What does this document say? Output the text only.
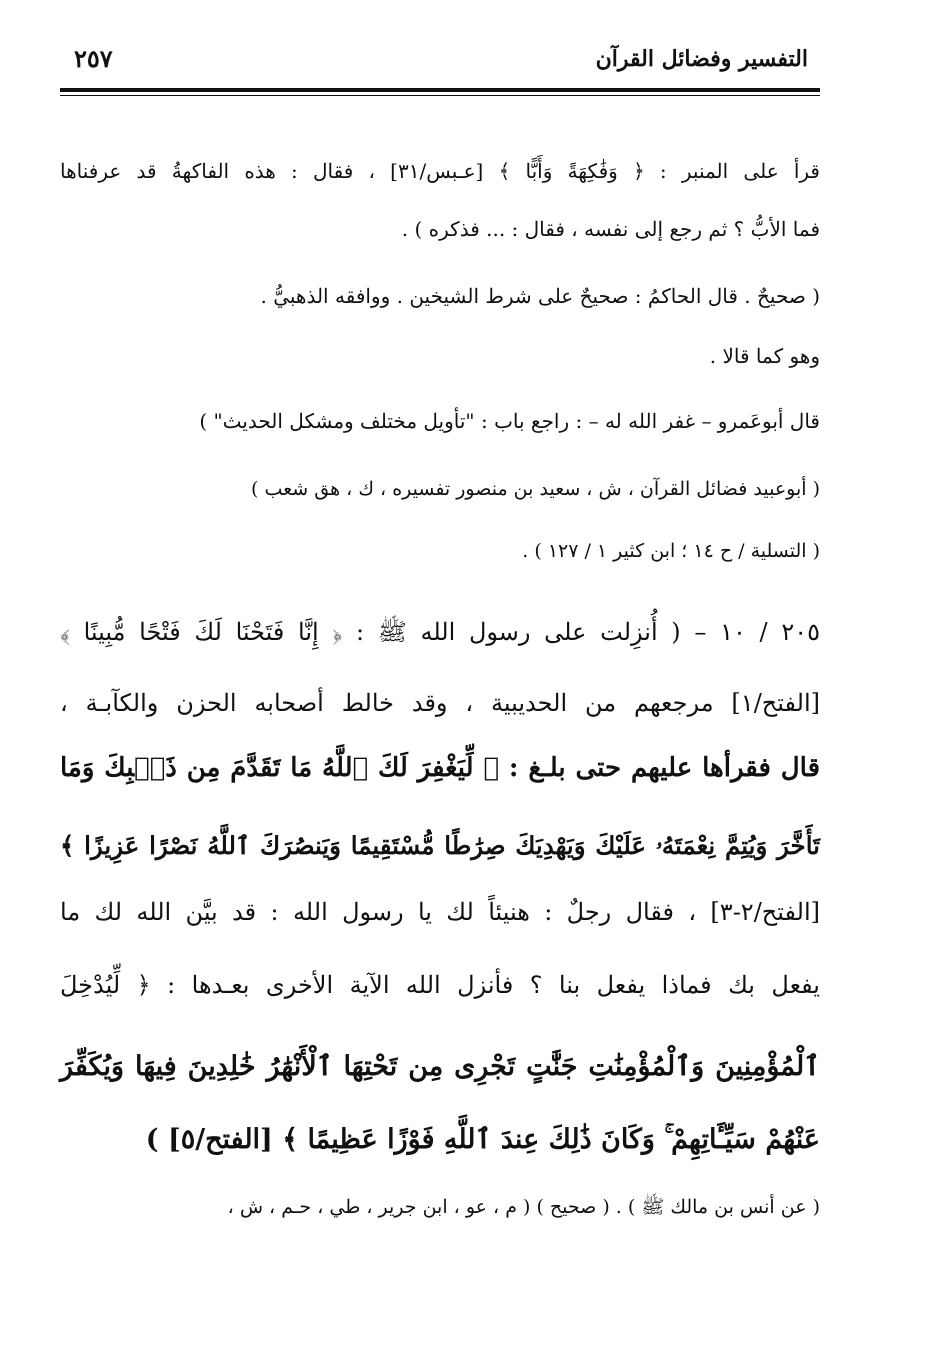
٢٥٧	التفسير وفضائل القرآن
قرأ على المنبر : ﴿ وَفَٰكِهَةً وَأَبًّا ﴾ [عـبس/٣١] ، فقال : هذه الفاكهةُ قد عرفناها
فما الأبُّ ؟ ثم رجع إلى نفسه ، فقال : ... فذكره ) .
( صحيحٌ . قال الحاكمُ : صحيحٌ على شرط الشيخين . ووافقه الذهبيُّ .
وهو كما قالا .
قال أبوعَمرو – غفر الله له – : راجع باب : "تأويل مختلف ومشكل الحديث" )
( أبوعبيد فضائل القرآن ، ش ، سعيد بن منصور تفسيره ، ك ، هق شعب )
( التسلية / ح ١٤ ؛ ابن كثير ١ / ١٢٧ ) .
٢٠٥ / ١٠ – ( أُنزِلت على رسول الله ﷺ : ﴿ إِنَّا فَتَحْنَا لَكَ فَتْحًا مُّبِينًا ﴾
[الفتح/١] مرجعهم من الحديبية ، وقد خالط أصحابه الحزن والكآبـة ،
قال فقرأها عليهم حتى بلـغ : ﴿ لِّيَغْفِرَ لَكَ ٱللَّهُ مَا تَقَدَّمَ مِن ذَنۢبِكَ وَمَا
تَأَخَّرَ وَيُتِمَّ نِعْمَتَهُۥ عَلَيْكَ وَيَهْدِيَكَ صِرَٰطًا مُّسْتَقِيمًا وَيَنصُرَكَ ٱللَّهُ نَصْرًا عَزِيزًا ﴾
[الفتح/٢-٣] ، فقال رجلٌ : هنيئاً لك يا رسول الله : قد بيَّن الله لك ما
يفعل بك فماذا يفعل بنا ؟ فأنزل الله الآية الأخرى بعـدها : ﴿ لِّيُدْخِلَ
ٱلْمُؤْمِنِينَ وَٱلْمُؤْمِنَٰتِ جَنَّٰتٍ تَجْرِى مِن تَحْتِهَا ٱلْأَنْهَٰرُ خَٰلِدِينَ فِيهَا وَيُكَفِّرَ
عَنْهُمْ سَيِّـَٔاتِهِمْ ۚ وَكَانَ ذَٰلِكَ عِندَ ٱللَّهِ فَوْزًا عَظِيمًا ﴾ [الفتح/٥] )
( عن أنس بن مالك ﷺ ) . ( صحيح ) ( م ، عو ، ابن جرير ، طي ، حـم ، ش ،
